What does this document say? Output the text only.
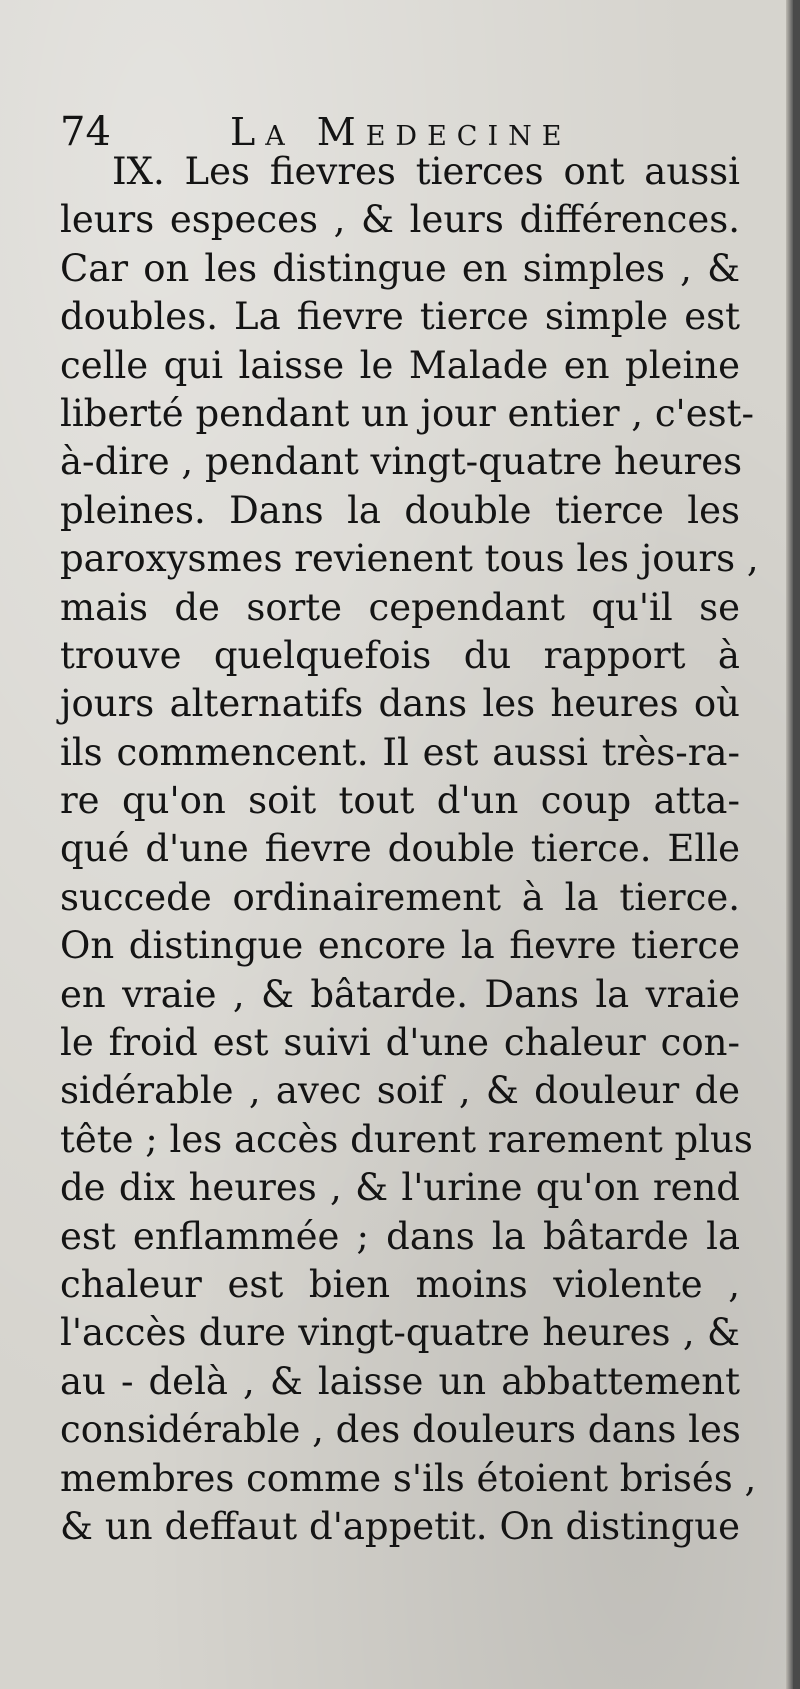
74	La Medecine
IX. Les fievres tierces ont aussi
leurs especes , & leurs différences.
Car on les distingue en simples , &
doubles. La fievre tierce simple est
celle qui laisse le Malade en pleine
liberté pendant un jour entier , c'est-
à-dire , pendant vingt-quatre heures
pleines. Dans la double tierce les
paroxysmes revienent tous les jours ,
mais de sorte cependant qu'il se
trouve quelquefois du rapport à
jours alternatifs dans les heures où
ils commencent. Il est aussi très-ra-
re qu'on soit tout d'un coup atta-
qué d'une fievre double tierce. Elle
succede ordinairement à la tierce.
On distingue encore la fievre tierce
en vraie , & bâtarde. Dans la vraie
le froid est suivi d'une chaleur con-
sidérable , avec soif , & douleur de
tête ; les accès durent rarement plus
de dix heures , & l'urine qu'on rend
est enflammée ; dans la bâtarde la
chaleur est bien moins violente ,
l'accès dure vingt-quatre heures , &
au - delà , & laisse un abbattement
considérable , des douleurs dans les
membres comme s'ils étoient brisés ,
& un deffaut d'appetit. On distingue
